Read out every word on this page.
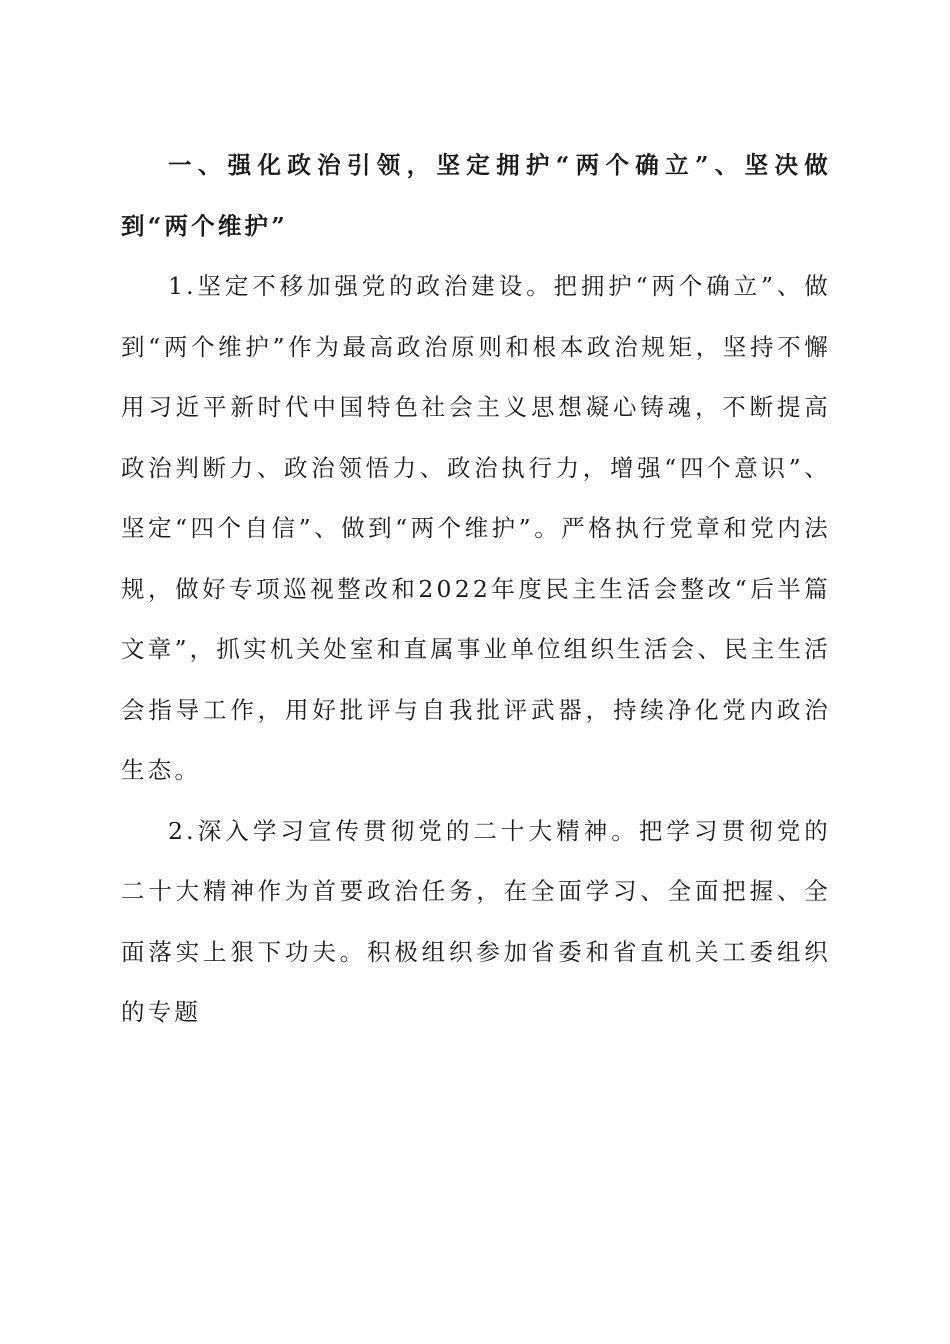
一、强化政治引领，坚定拥护“两个确立”、坚决做到“两个维护”

1.坚定不移加强党的政治建设。把拥护“两个确立”、做到“两个维护”作为最高政治原则和根本政治规矩，坚持不懈用习近平新时代中国特色社会主义思想凝心铸魂，不断提高政治判断力、政治领悟力、政治执行力，增强“四个意识”、坚定“四个自信”、做到“两个维护”。严格执行党章和党内法规，做好专项巡视整改和2022年度民主生活会整改“后半篇文章”，抓实机关处室和直属事业单位组织生活会、民主生活会指导工作，用好批评与自我批评武器，持续净化党内政治生态。

2.深入学习宣传贯彻党的二十大精神。把学习贯彻党的二十大精神作为首要政治任务，在全面学习、全面把握、全面落实上狠下功夫。积极组织参加省委和省直机关工委组织的专题
